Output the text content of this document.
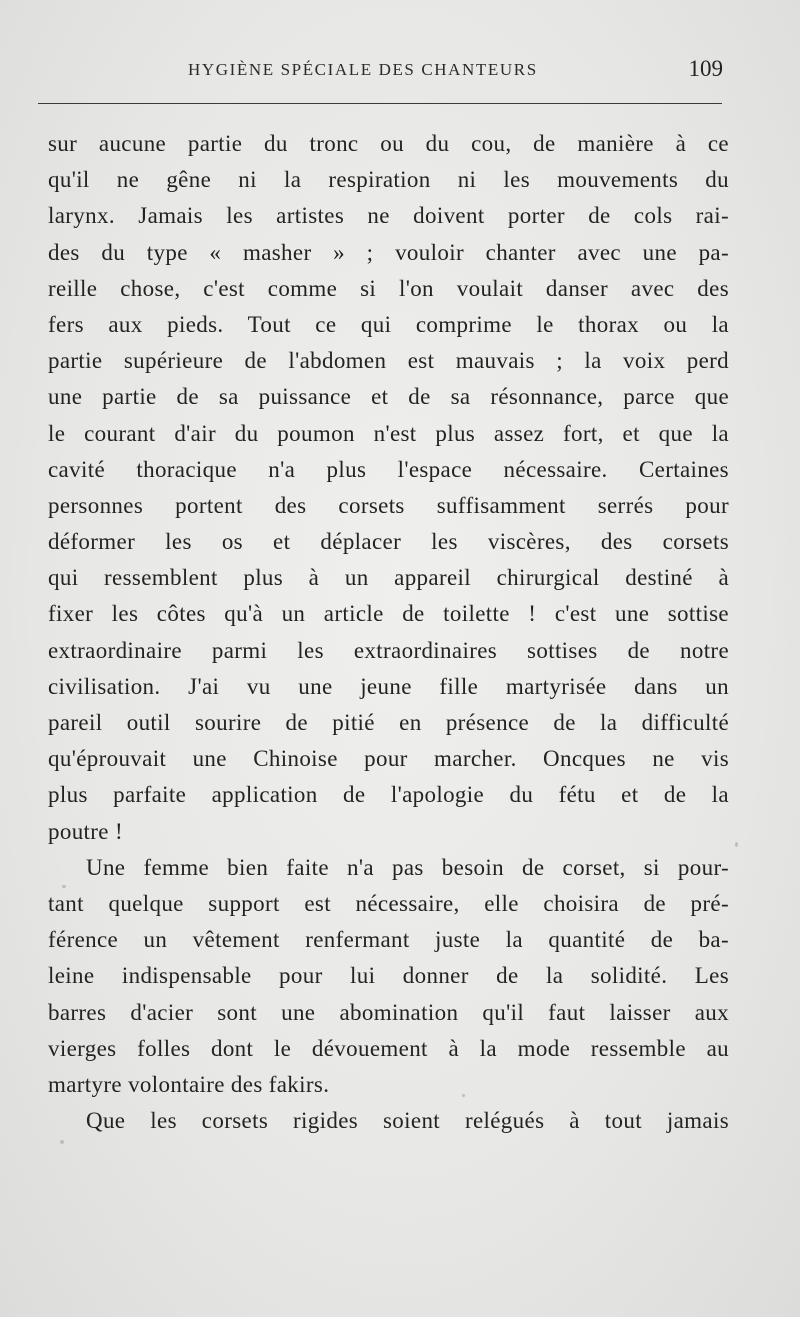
HYGIÈNE SPÉCIALE DES CHANTEURS	109
sur aucune partie du tronc ou du cou, de manière à ce
qu'il ne gêne ni la respiration ni les mouvements du
larynx. Jamais les artistes ne doivent porter de cols rai-
des du type « masher » ; vouloir chanter avec une pa-
reille chose, c'est comme si l'on voulait danser avec des
fers aux pieds. Tout ce qui comprime le thorax ou la
partie supérieure de l'abdomen est mauvais ; la voix perd
une partie de sa puissance et de sa résonnance, parce que
le courant d'air du poumon n'est plus assez fort, et que la
cavité thoracique n'a plus l'espace nécessaire. Certaines
personnes portent des corsets suffisamment serrés pour
déformer les os et déplacer les viscères, des corsets
qui ressemblent plus à un appareil chirurgical destiné à
fixer les côtes qu'à un article de toilette ! c'est une sottise
extraordinaire parmi les extraordinaires sottises de notre
civilisation. J'ai vu une jeune fille martyrisée dans un
pareil outil sourire de pitié en présence de la difficulté
qu'éprouvait une Chinoise pour marcher. Oncques ne vis
plus parfaite application de l'apologie du fétu et de la
poutre !
Une femme bien faite n'a pas besoin de corset, si pour-
tant quelque support est nécessaire, elle choisira de pré-
férence un vêtement renfermant juste la quantité de ba-
leine indispensable pour lui donner de la solidité. Les
barres d'acier sont une abomination qu'il faut laisser aux
vierges folles dont le dévouement à la mode ressemble au
martyre volontaire des fakirs.
Que les corsets rigides soient relégués à tout jamais
